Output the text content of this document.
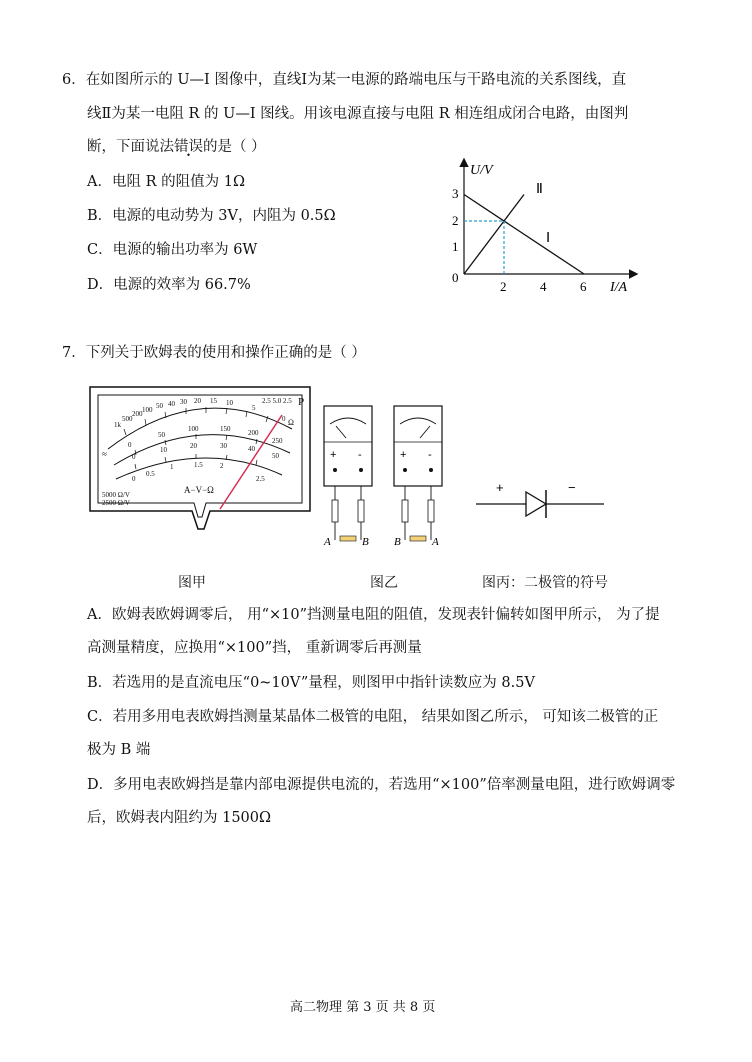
6．在如图所示的 U—I 图像中，直线Ⅰ为某一电源的路端电压与干路电流的关系图线，直
线Ⅱ为某一电阻 R 的 U—I 图线。用该电源直接与电阻 R 相连组成闭合电路，由图判
断，下面说法错误的是（ ）
A．电阻 R 的阻值为 1Ω
B．电源的电动势为 3V，内阻为 0.5Ω
C．电源的输出功率为 6W
D．电源的效率为 66.7%
U/V
I/A
0
1
2
3
2	4	6
Ⅰ
Ⅱ
7．下列关于欧姆表的使用和操作正确的是（ ）
1k
500
200 100 50 40 30 20 15 10
5
0
2.5 5.0 2.5 P
Ω
0
50
100	150	200
250
0
10	20	30	40
50
0
0.5
1	1.5 2
2.5
≈
A−V−Ω
5000 Ω/V
2500 Ω/V
+ -
A	B
+ -
B	A
+	−
图甲	图乙	图丙：二极管的符号
A．欧姆表欧姆调零后， 用“×10”挡测量电阻的阻值，发现表针偏转如图甲所示， 为了提
高测量精度，应换用“×100”挡， 重新调零后再测量
B．若选用的是直流电压“0~10V”量程，则图甲中指针读数应为 8.5V
C．若用多用电表欧姆挡测量某晶体二极管的电阻， 结果如图乙所示， 可知该二极管的正
极为 B 端
D．多用电表欧姆挡是靠内部电源提供电流的，若选用“×100”倍率测量电阻，进行欧姆调零
后，欧姆表内阻约为 1500Ω
高二物理 第 3 页 共 8 页
